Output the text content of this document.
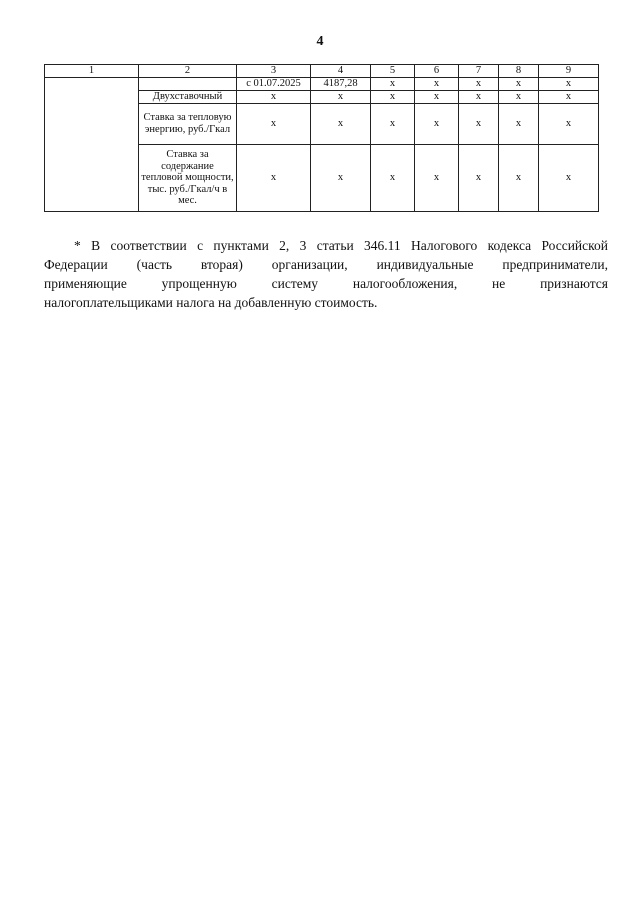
4
1	2	3	4	5	6	7	8	9
		с 01.07.2025	4187,28	х	х	х	х	х
	Двухставочный	х	х	х	х	х	х	х
	Ставка за тепловую энергию, руб./Гкал	х	х	х	х	х	х	х
	Ставка за содержание тепловой мощности, тыс. руб./Гкал/ч в мес.	х	х	х	х	х	х	х

* В соответствии с пунктами 2, 3 статьи 346.11 Налогового кодекса Российской

Федерации (часть вторая) организации, индивидуальные предприниматели,

применяющие упрощенную систему налогообложения, не признаются

налогоплательщиками налога на добавленную стоимость.
